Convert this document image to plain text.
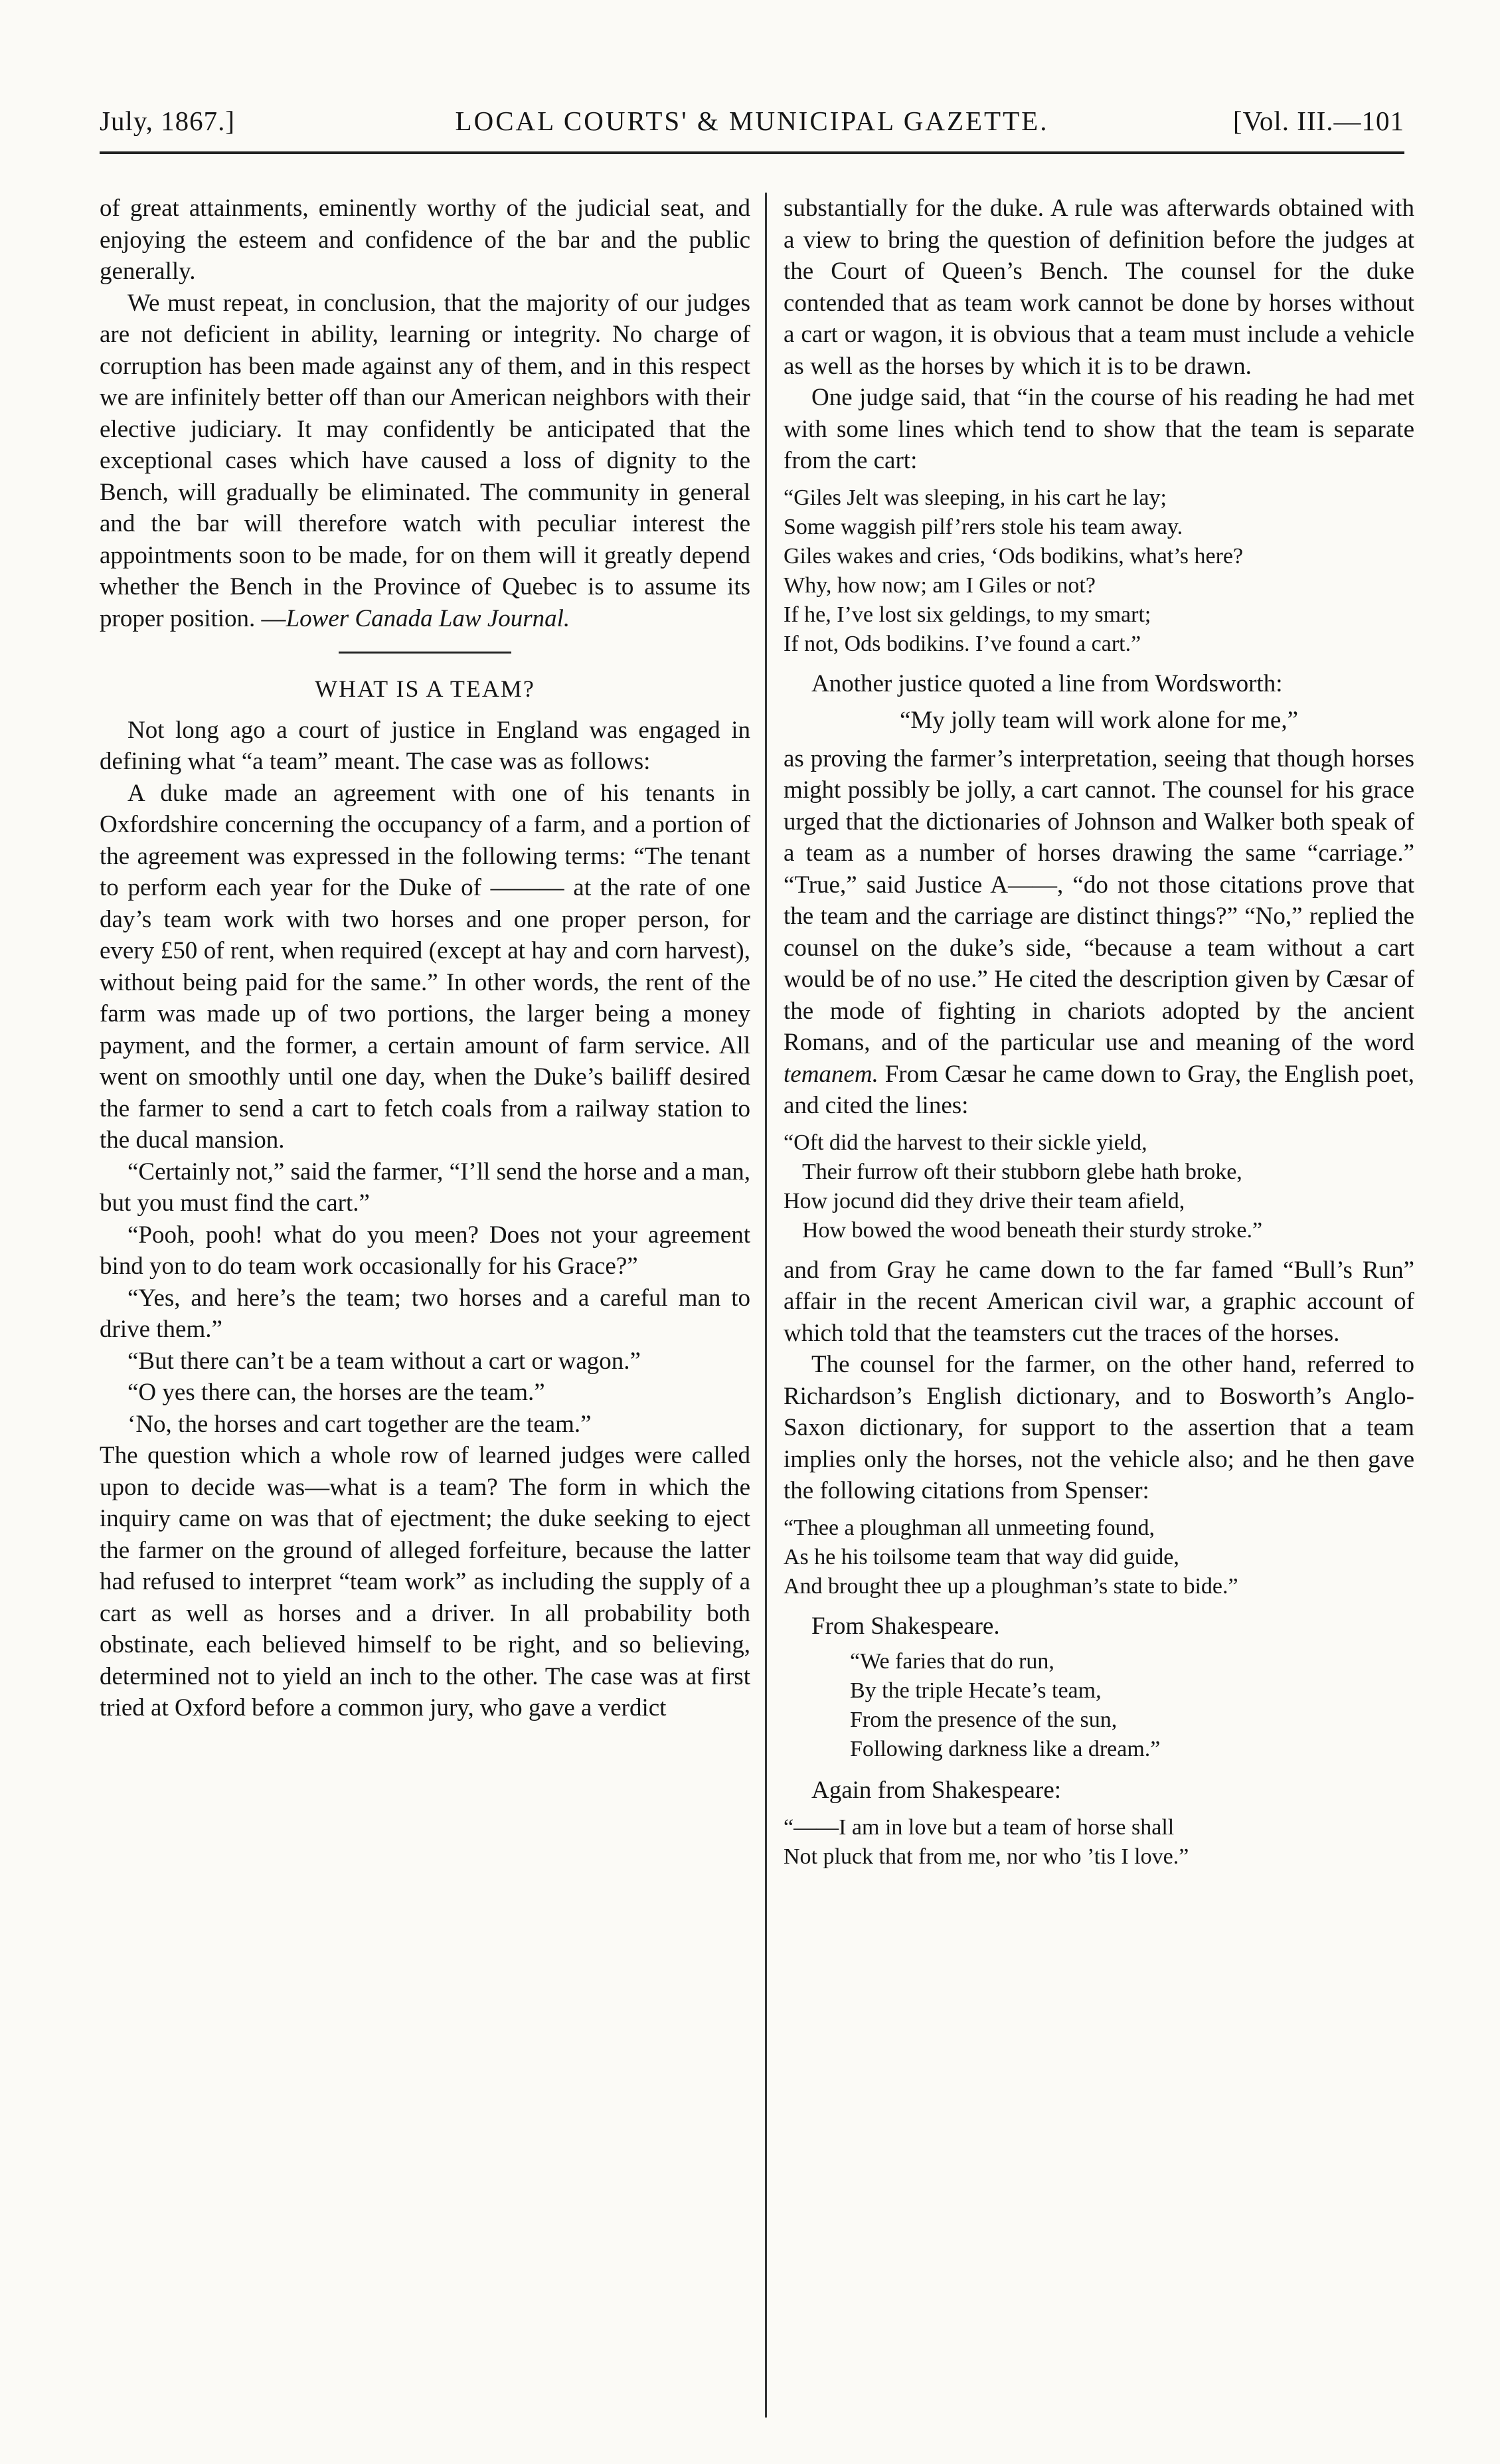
July, 1867.]	LOCAL COURTS' & MUNICIPAL GAZETTE.	[Vol. III.—101

of great attainments, eminently worthy of the judicial seat, and enjoying the esteem and confidence of the bar and the public generally.

We must repeat, in conclusion, that the majority of our judges are not deficient in ability, learning or integrity. No charge of corruption has been made against any of them, and in this respect we are infinitely better off than our American neighbors with their elective judiciary. It may confidently be anticipated that the exceptional cases which have caused a loss of dignity to the Bench, will gradually be eliminated. The community in general and the bar will therefore watch with peculiar interest the appointments soon to be made, for on them will it greatly depend whether the Bench in the Province of Quebec is to assume its proper position. —Lower Canada Law Journal.

WHAT IS A TEAM?

Not long ago a court of justice in England was engaged in defining what “a team” meant. The case was as follows:

A duke made an agreement with one of his tenants in Oxfordshire concerning the occupancy of a farm, and a portion of the agreement was expressed in the following terms: “The tenant to perform each year for the Duke of ——— at the rate of one day’s team work with two horses and one proper person, for every £50 of rent, when required (except at hay and corn harvest), without being paid for the same.” In other words, the rent of the farm was made up of two portions, the larger being a money payment, and the former, a certain amount of farm service. All went on smoothly until one day, when the Duke’s bailiff desired the farmer to send a cart to fetch coals from a railway station to the ducal mansion.

“Certainly not,” said the farmer, “I’ll send the horse and a man, but you must find the cart.”

“Pooh, pooh! what do you meen? Does not your agreement bind yon to do team work occasionally for his Grace?”

“Yes, and here’s the team; two horses and a careful man to drive them.”

“But there can’t be a team without a cart or wagon.”

“O yes there can, the horses are the team.”

‘No, the horses and cart together are the team.”

The question which a whole row of learned judges were called upon to decide was—what is a team? The form in which the inquiry came on was that of ejectment; the duke seeking to eject the farmer on the ground of alleged forfeiture, because the latter had refused to interpret “team work” as including the supply of a cart as well as horses and a driver. In all probability both obstinate, each believed himself to be right, and so believing, determined not to yield an inch to the other. The case was at first tried at Oxford before a common jury, who gave a verdict

substantially for the duke. A rule was afterwards obtained with a view to bring the question of definition before the judges at the Court of Queen’s Bench. The counsel for the duke contended that as team work cannot be done by horses without a cart or wagon, it is obvious that a team must include a vehicle as well as the horses by which it is to be drawn.

One judge said, that “in the course of his reading he had met with some lines which tend to show that the team is separate from the cart:

“Giles Jelt was sleeping, in his cart he lay;
Some waggish pilf’rers stole his team away.
Giles wakes and cries, ‘Ods bodikins, what’s here?
Why, how now; am I Giles or not?
If he, I’ve lost six geldings, to my smart;
If not, Ods bodikins. I’ve found a cart.”

Another justice quoted a line from Wordsworth:

“My jolly team will work alone for me,”

as proving the farmer’s interpretation, seeing that though horses might possibly be jolly, a cart cannot. The counsel for his grace urged that the dictionaries of Johnson and Walker both speak of a team as a number of horses drawing the same “carriage.” “True,” said Justice A——, “do not those citations prove that the team and the carriage are distinct things?” “No,” replied the counsel on the duke’s side, “because a team without a cart would be of no use.” He cited the description given by Cæsar of the mode of fighting in chariots adopted by the ancient Romans, and of the particular use and meaning of the word temanem. From Cæsar he came down to Gray, the English poet, and cited the lines:

“Oft did the harvest to their sickle yield,
Their furrow oft their stubborn glebe hath broke,
How jocund did they drive their team afield,
How bowed the wood beneath their sturdy stroke.”

and from Gray he came down to the far famed “Bull’s Run” affair in the recent American civil war, a graphic account of which told that the teamsters cut the traces of the horses.

The counsel for the farmer, on the other hand, referred to Richardson’s English dictionary, and to Bosworth’s Anglo-Saxon dictionary, for support to the assertion that a team implies only the horses, not the vehicle also; and he then gave the following citations from Spenser:

“Thee a ploughman all unmeeting found,
As he his toilsome team that way did guide,
And brought thee up a ploughman’s state to bide.”

From Shakespeare.

“We faries that do run,
By the triple Hecate’s team,
From the presence of the sun,
Following darkness like a dream.”

Again from Shakespeare:

“——I am in love but a team of horse shall
Not pluck that from me, nor who ’tis I love.”
